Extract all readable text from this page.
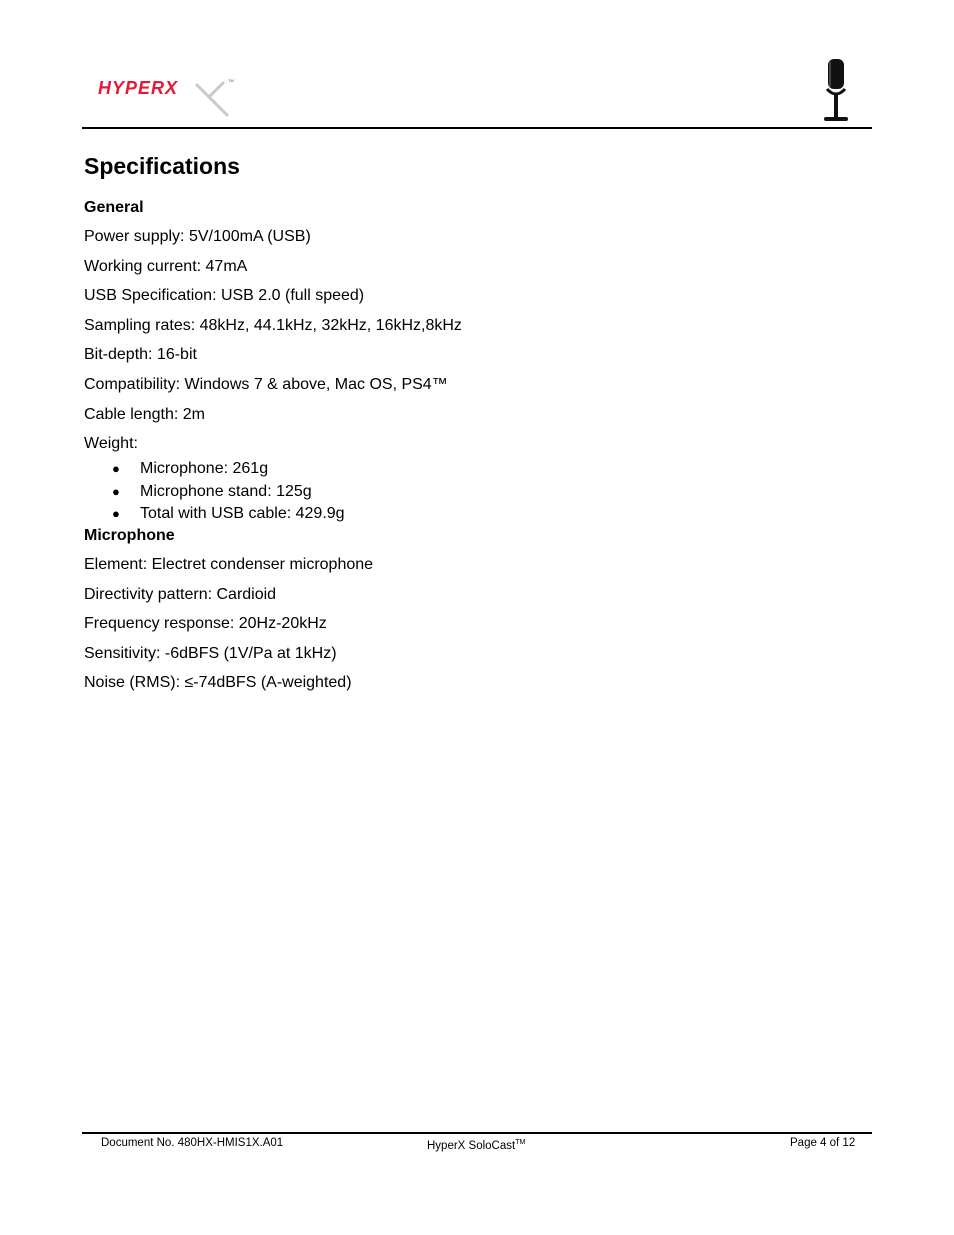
HYPERX	TM
Specifications
General
Power supply: 5V/100mA (USB)
Working current: 47mA
USB Specification: USB 2.0 (full speed)
Sampling rates: 48kHz, 44.1kHz, 32kHz, 16kHz,8kHz
Bit-depth: 16-bit
Compatibility: Windows 7 & above, Mac OS, PS4™
Cable length: 2m
Weight:
● Microphone: 261g
● Microphone stand: 125g
● Total with USB cable: 429.9g
Microphone
Element: Electret condenser microphone
Directivity pattern: Cardioid
Frequency response: 20Hz-20kHz
Sensitivity: -6dBFS (1V/Pa at 1kHz)
Noise (RMS): ≤-74dBFS (A-weighted)
Document No. 480HX-HMIS1X.A01	HyperX SoloCast™	Page 4 of 12
